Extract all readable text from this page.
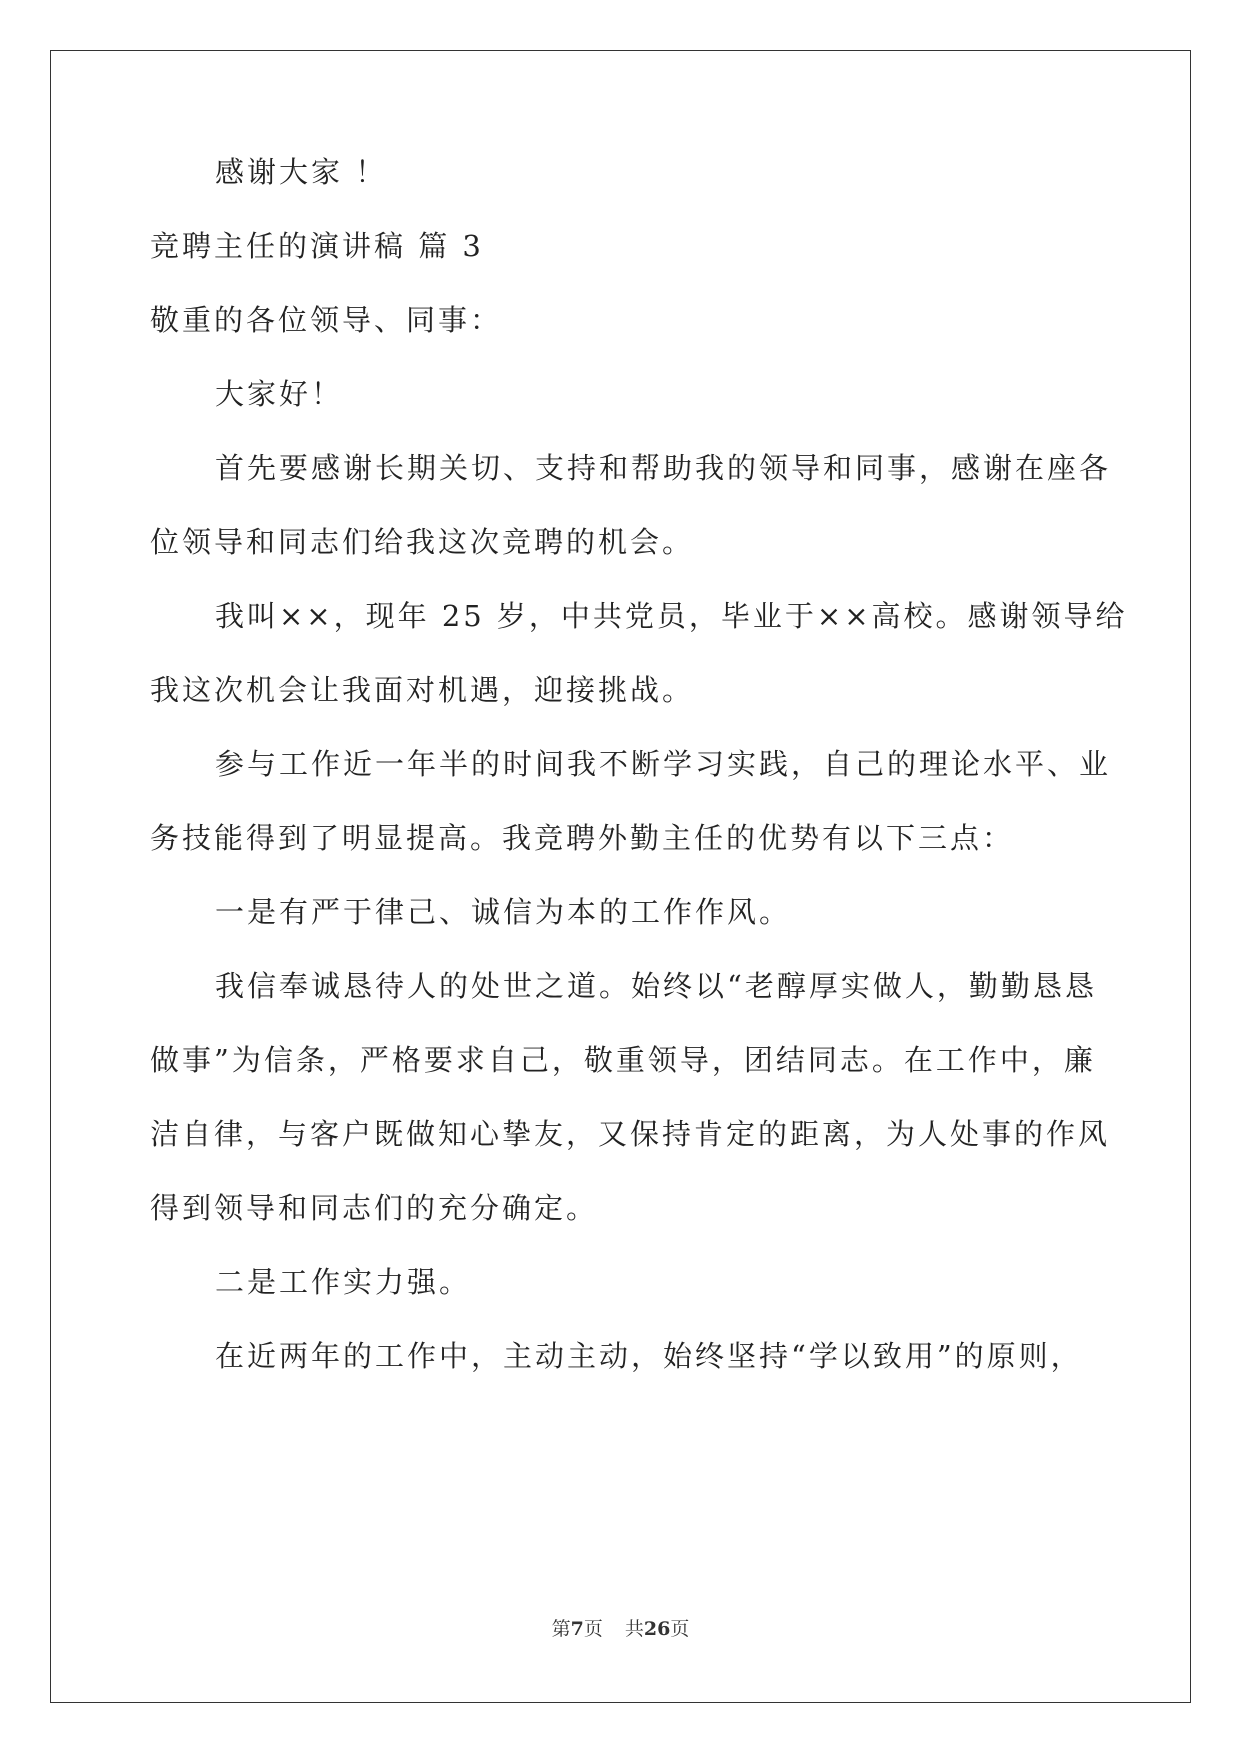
感谢大家 ！
竞聘主任的演讲稿 篇 3
敬重的各位领导、同事：
大家好！
首先要感谢长期关切、支持和帮助我的领导和同事，感谢在座各
位领导和同志们给我这次竞聘的机会。
我叫××，现年 25 岁，中共党员，毕业于××高校。感谢领导给
我这次机会让我面对机遇，迎接挑战。
参与工作近一年半的时间我不断学习实践，自己的理论水平、业
务技能得到了明显提高。我竞聘外勤主任的优势有以下三点：
一是有严于律己、诚信为本的工作作风。
我信奉诚恳待人的处世之道。始终以“老醇厚实做人，勤勤恳恳
做事”为信条，严格要求自己，敬重领导，团结同志。在工作中，廉
洁自律，与客户既做知心挚友，又保持肯定的距离，为人处事的作风
得到领导和同志们的充分确定。
二是工作实力强。
在近两年的工作中，主动主动，始终坚持“学以致用”的原则，
第7页 共26页
